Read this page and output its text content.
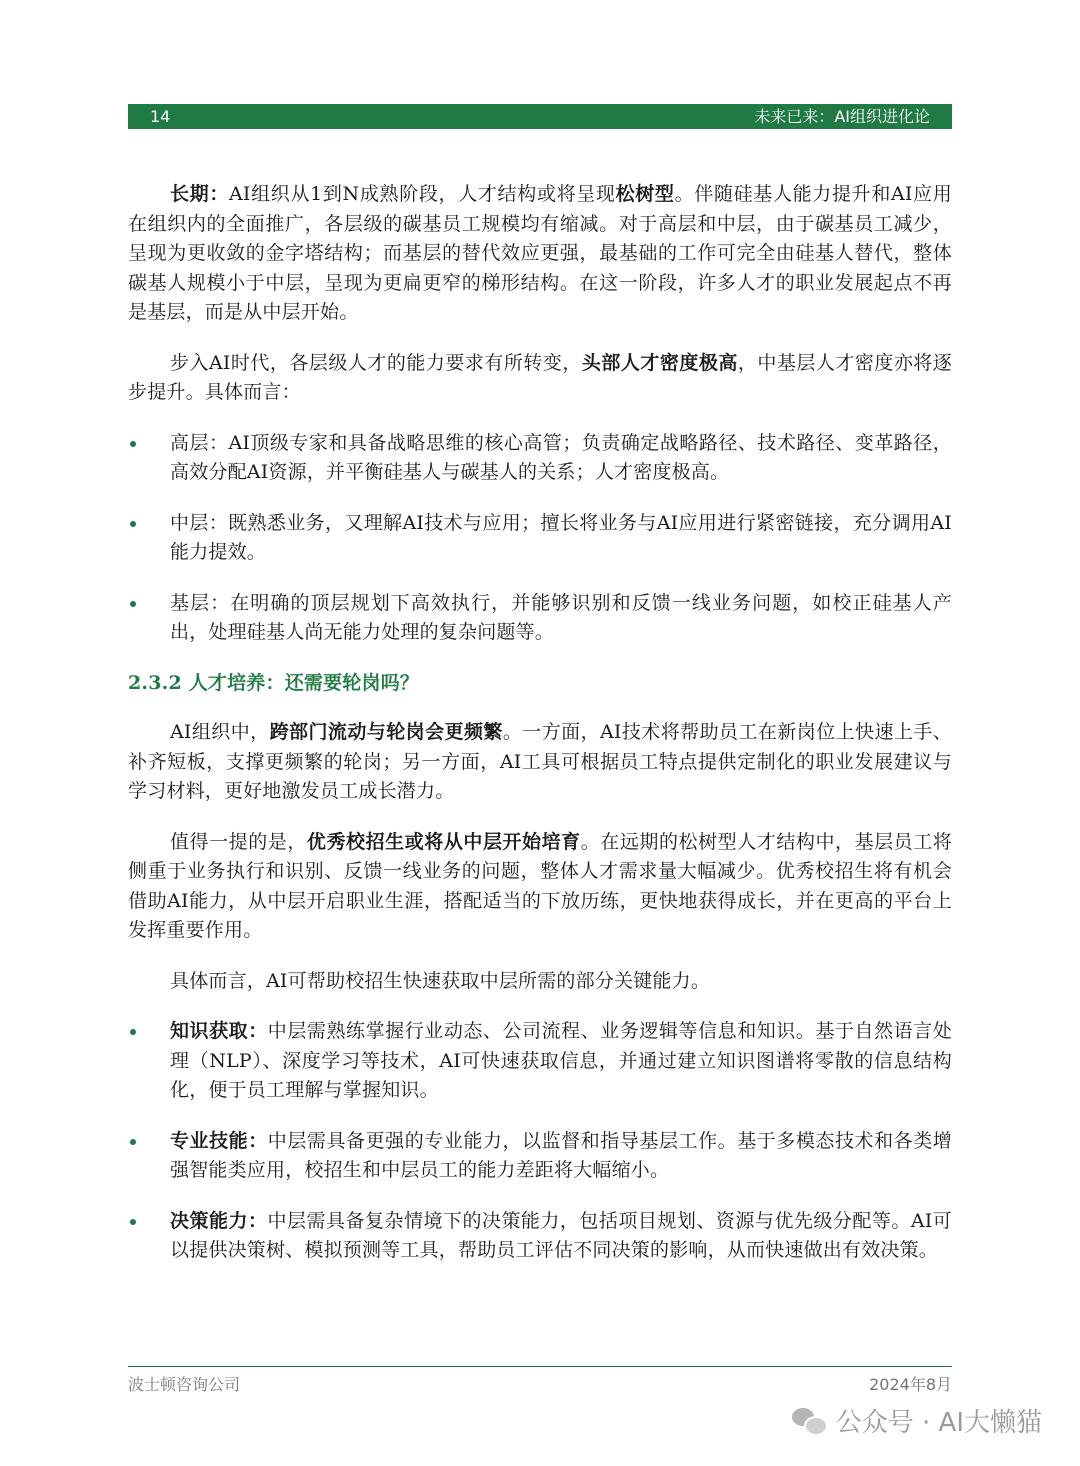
14	未来已来：AI组织进化论

长期：AI组织从1到N成熟阶段，人才结构或将呈现松树型。伴随硅基人能力提升和AI应用在组织内的全面推广，各层级的碳基员工规模均有缩减。对于高层和中层，由于碳基员工减少，呈现为更收敛的金字塔结构；而基层的替代效应更强，最基础的工作可完全由硅基人替代，整体碳基人规模小于中层，呈现为更扁更窄的梯形结构。在这一阶段，许多人才的职业发展起点不再是基层，而是从中层开始。

步入AI时代，各层级人才的能力要求有所转变，头部人才密度极高，中基层人才密度亦将逐步提升。具体而言：

高层：AI顶级专家和具备战略思维的核心高管；负责确定战略路径、技术路径、变革路径，高效分配AI资源，并平衡硅基人与碳基人的关系；人才密度极高。
中层：既熟悉业务，又理解AI技术与应用；擅长将业务与AI应用进行紧密链接，充分调用AI能力提效。
基层：在明确的顶层规划下高效执行，并能够识别和反馈一线业务问题，如校正硅基人产出，处理硅基人尚无能力处理的复杂问题等。
2.3.2 人才培养：还需要轮岗吗？

AI组织中，跨部门流动与轮岗会更频繁。一方面，AI技术将帮助员工在新岗位上快速上手、补齐短板，支撑更频繁的轮岗；另一方面，AI工具可根据员工特点提供定制化的职业发展建议与学习材料，更好地激发员工成长潜力。

值得一提的是，优秀校招生或将从中层开始培育。在远期的松树型人才结构中，基层员工将侧重于业务执行和识别、反馈一线业务的问题，整体人才需求量大幅减少。优秀校招生将有机会借助AI能力，从中层开启职业生涯，搭配适当的下放历练，更快地获得成长，并在更高的平台上发挥重要作用。

具体而言，AI可帮助校招生快速获取中层所需的部分关键能力。

知识获取：中层需熟练掌握行业动态、公司流程、业务逻辑等信息和知识。基于自然语言处理（NLP）、深度学习等技术，AI可快速获取信息，并通过建立知识图谱将零散的信息结构化，便于员工理解与掌握知识。
专业技能：中层需具备更强的专业能力，以监督和指导基层工作。基于多模态技术和各类增强智能类应用，校招生和中层员工的能力差距将大幅缩小。
决策能力：中层需具备复杂情境下的决策能力，包括项目规划、资源与优先级分配等。AI可以提供决策树、模拟预测等工具，帮助员工评估不同决策的影响，从而快速做出有效决策。
波士顿咨询公司	2024年8月
公众号 · AI大懒猫
